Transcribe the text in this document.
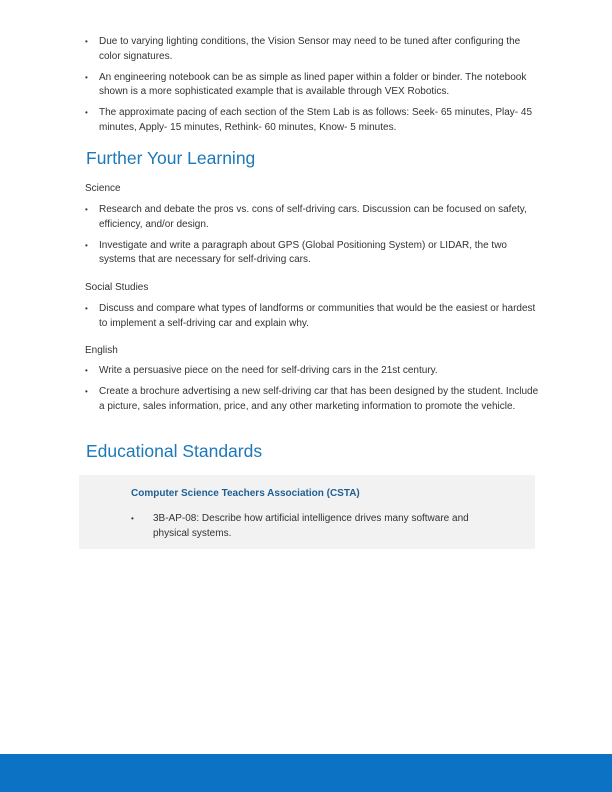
• Due to varying lighting conditions, the Vision Sensor may need to be tuned after configuring the color signatures.
• An engineering notebook can be as simple as lined paper within a folder or binder. The notebook shown is a more sophisticated example that is available through VEX Robotics.
• The approximate pacing of each section of the Stem Lab is as follows: Seek- 65 minutes, Play- 45 minutes, Apply- 15 minutes, Rethink- 60 minutes, Know- 5 minutes.
Further Your Learning
Science
• Research and debate the pros vs. cons of self-driving cars. Discussion can be focused on safety, efficiency, and/or design.
• Investigate and write a paragraph about GPS (Global Positioning System) or LIDAR, the two systems that are necessary for self-driving cars.
Social Studies
• Discuss and compare what types of landforms or communities that would be the easiest or hardest to implement a self-driving car and explain why.
English
• Write a persuasive piece on the need for self-driving cars in the 21st century.
• Create a brochure advertising a new self-driving car that has been designed by the student. Include a picture, sales information, price, and any other marketing information to promote the vehicle.
Educational Standards
Computer Science Teachers Association (CSTA)
• 3B-AP-08: Describe how artificial intelligence drives many software and physical systems.
